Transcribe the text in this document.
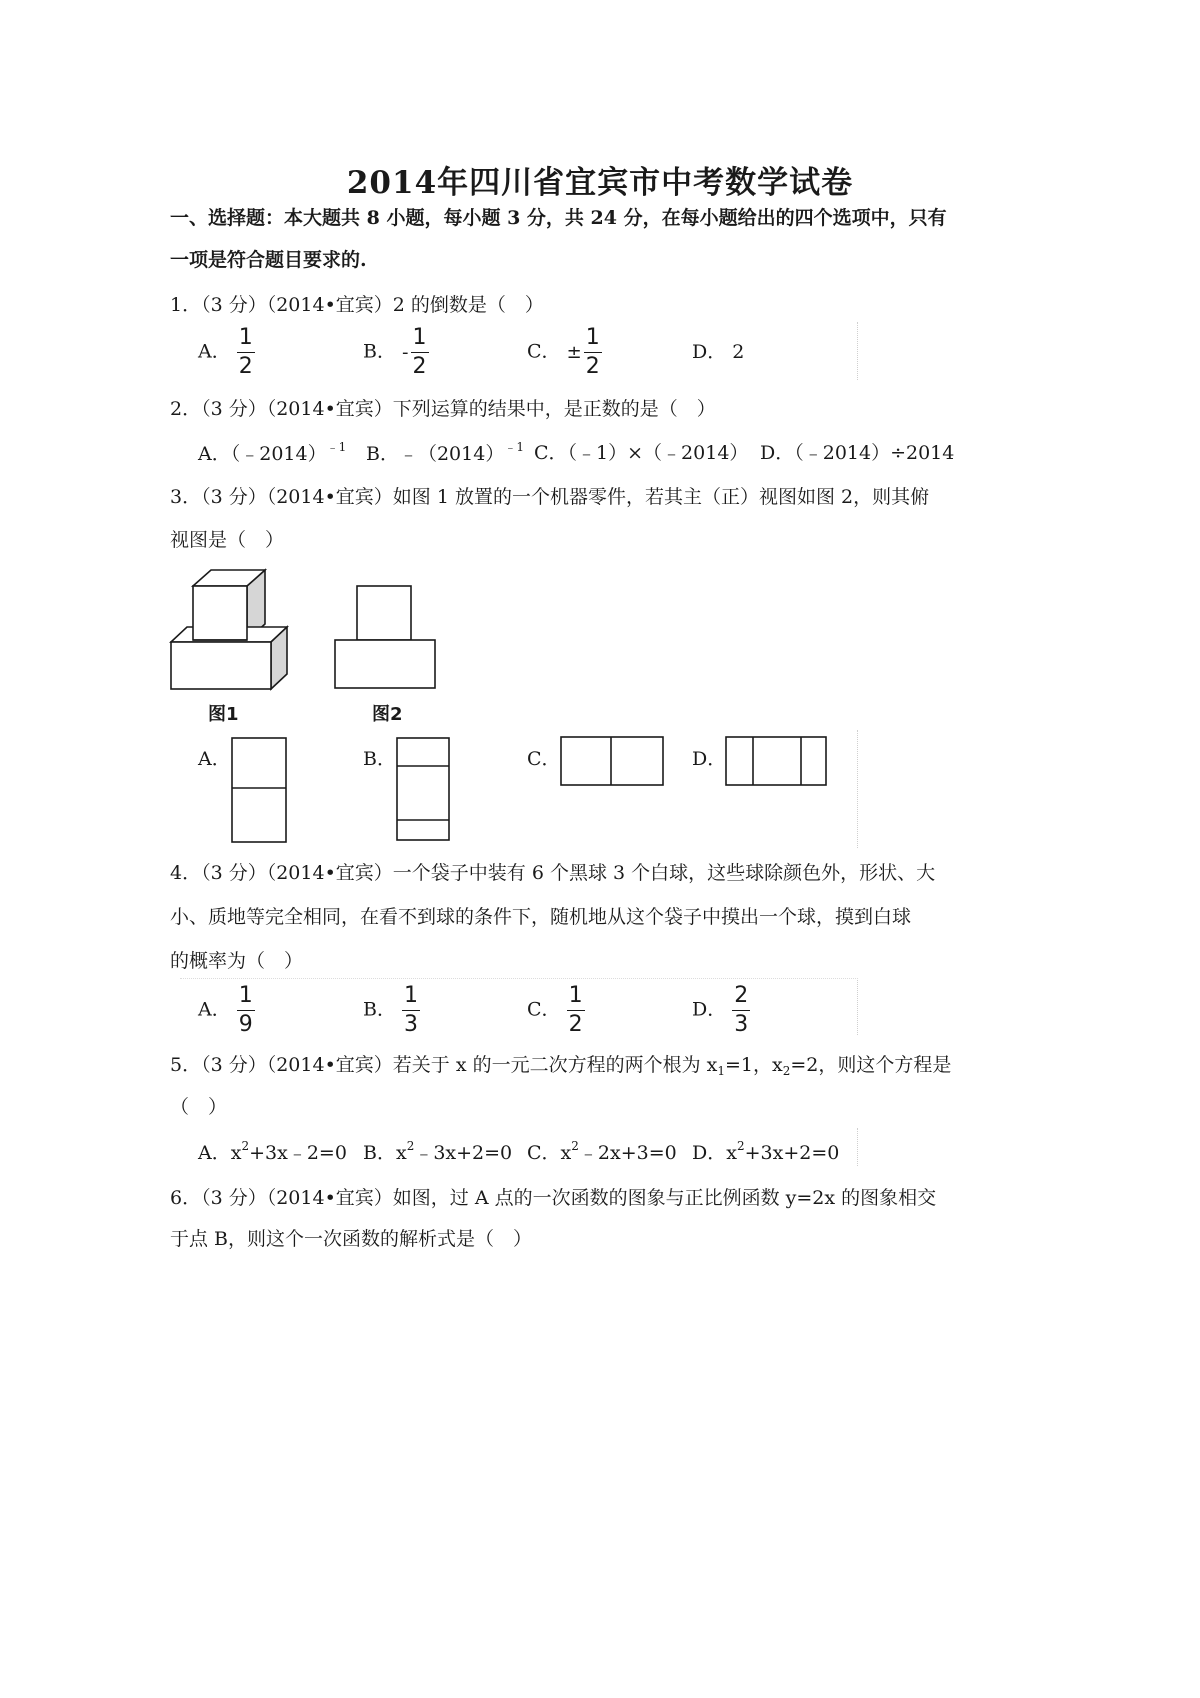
2014年四川省宜宾市中考数学试卷
一、选择题：本大题共 8 小题，每小题 3 分，共 24 分，在每小题给出的四个选项中，只有
一项是符合题目要求的.
1．（3 分）（2014•宜宾）2 的倒数是（　）
A． $\frac{1}{2}$	B． - $\frac{1}{2}$	C． ± $\frac{1}{2}$	D． 2
2．（3 分）（2014•宜宾）下列运算的结果中，是正数的是（　）
A．（﹣2014）$^{﹣1}$ B．$﹣(2014)^{﹣1}$ C．（﹣1）×（﹣2014） D．（﹣2014）÷2014
3．（3 分）（2014•宜宾）如图 1 放置的一个机器零件，若其主（正）视图如图 2，则其俯
视图是（　）
图1	图2
A．	B．	C．	D．
4．（3 分）（2014•宜宾）一个袋子中装有 6 个黑球 3 个白球，这些球除颜色外，形状、大
小、质地等完全相同，在看不到球的条件下，随机地从这个袋子中摸出一个球，摸到白球
的概率为（　）
A． $\frac{1}{9}$	B． $\frac{1}{3}$	C． $\frac{1}{2}$	D． $\frac{2}{3}$
5．（3 分）（2014•宜宾）若关于 x 的一元二次方程的两个根为 $x_1=1$，$x_2=2$，则这个方程是
（　）
A．$x^2+3x﹣2=0$ B．$x^2﹣3x+2=0$ C．$x^2﹣2x+3=0$ D．$x^2+3x+2=0$
6．（3 分）（2014•宜宾）如图，过 A 点的一次函数的图象与正比例函数 y=2x 的图象相交
于点 B，则这个一次函数的解析式是（　）
